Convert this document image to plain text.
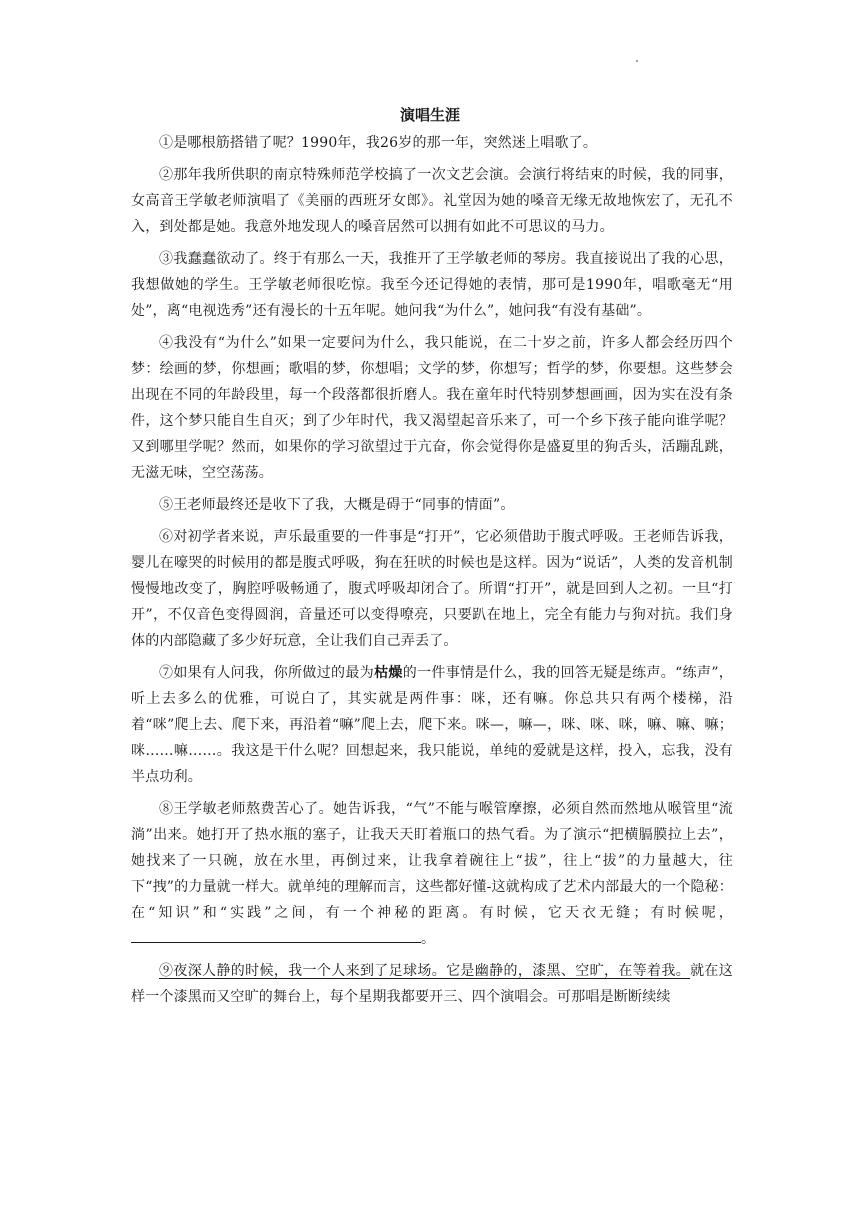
演唱生涯

①是哪根筋搭错了呢？1990年，我26岁的那一年，突然迷上唱歌了。

②那年我所供职的南京特殊师范学校搞了一次文艺会演。会演行将结束的时候，我的同事，女高音王学敏老师演唱了《美丽的西班牙女郎》。礼堂因为她的嗓音无缘无故地恢宏了，无孔不入，到处都是她。我意外地发现人的嗓音居然可以拥有如此不可思议的马力。

③我蠢蠢欲动了。终于有那么一天，我推开了王学敏老师的琴房。我直接说出了我的心思，我想做她的学生。王学敏老师很吃惊。我至今还记得她的表情，那可是1990年，唱歌毫无“用处”，离“电视选秀”还有漫长的十五年呢。她问我“为什么”，她问我“有没有基础”。

④我没有“为什么”如果一定要问为什么，我只能说，在二十岁之前，许多人都会经历四个梦：绘画的梦，你想画；歌唱的梦，你想唱；文学的梦，你想写；哲学的梦，你要想。这些梦会出现在不同的年龄段里，每一个段落都很折磨人。我在童年时代特别梦想画画，因为实在没有条件，这个梦只能自生自灭；到了少年时代，我又渴望起音乐来了，可一个乡下孩子能向谁学呢？又到哪里学呢？然而，如果你的学习欲望过于亢奋，你会觉得你是盛夏里的狗舌头，活蹦乱跳，无滋无味，空空荡荡。

⑤王老师最终还是收下了我，大概是碍于“同事的情面”。

⑥对初学者来说，声乐最重要的一件事是“打开”，它必须借助于腹式呼吸。王老师告诉我，婴儿在嚎哭的时候用的都是腹式呼吸，狗在狂吠的时候也是这样。因为“说话”，人类的发音机制慢慢地改变了，胸腔呼吸畅通了，腹式呼吸却闭合了。所谓“打开”，就是回到人之初。一旦“打开”，不仅音色变得圆润，音量还可以变得嘹亮，只要趴在地上，完全有能力与狗对抗。我们身体的内部隐藏了多少好玩意，全让我们自己弄丢了。

⑦如果有人问我，你所做过的最为枯燥的一件事情是什么，我的回答无疑是练声。“练声”，听上去多么的优雅，可说白了，其实就是两件事：咪，还有嘛。你总共只有两个楼梯，沿着“咪”爬上去、爬下来，再沿着“嘛”爬上去，爬下来。咪—，嘛—，咪、咪、咪，嘛、嘛、嘛；咪……嘛……。我这是干什么呢？回想起来，我只能说，单纯的爱就是这样，投入，忘我，没有半点功利。

⑧王学敏老师熬费苦心了。她告诉我，“气”不能与喉管摩擦，必须自然而然地从喉管里“流淌”出来。她打开了热水瓶的塞子，让我天天盯着瓶口的热气看。为了演示“把横膈膜拉上去”，她找来了一只碗，放在水里，再倒过来，让我拿着碗往上“拔”，往上“拔”的力量越大，往下“拽”的力量就一样大。就单纯的理解而言，这些都好懂-这就构成了艺术内部最大的一个隐秘：在“知识”和“实践”之间，有一个神秘的距离。有时候，它天衣无缝；有时候呢，。

⑨夜深人静的时候，我一个人来到了足球场。它是幽静的，漆黑、空旷，在等着我。就在这样一个漆黑而又空旷的舞台上，每个星期我都要开三、四个演唱会。可那唱是断断续续
